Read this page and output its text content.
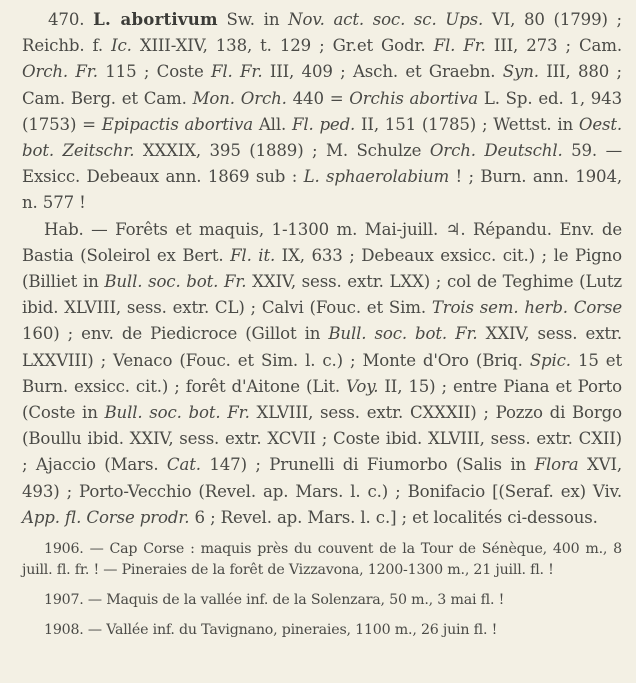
470. L. abortivum Sw. in Nov. act. soc. sc. Ups. VI, 80 (1799) ; Reichb. f. Ic. XIII-XIV, 138, t. 129 ; Gr.et Godr. Fl. Fr. III, 273 ; Cam. Orch. Fr. 115 ; Coste Fl. Fr. III, 409 ; Asch. et Graebn. Syn. III, 880 ; Cam. Berg. et Cam. Mon. Orch. 440 = Orchis abortiva L. Sp. ed. 1, 943 (1753) = Epipactis abortiva All. Fl. ped. II, 151 (1785) ; Wettst. in Oest. bot. Zeitschr. XXXIX, 395 (1889) ; M. Schulze Orch. Deutschl. 59. — Exsicc. Debeaux ann. 1869 sub : L. sphaerolabium ! ; Burn. ann. 1904, n. 577 !

Hab. — Forêts et maquis, 1-1300 m. Mai-juill. ♃. Répandu. Env. de Bastia (Soleirol ex Bert. Fl. it. IX, 633 ; Debeaux exsicc. cit.) ; le Pigno (Billiet in Bull. soc. bot. Fr. XXIV, sess. extr. LXX) ; col de Teghime (Lutz ibid. XLVIII, sess. extr. CL) ; Calvi (Fouc. et Sim. Trois sem. herb. Corse 160) ; env. de Piedicroce (Gillot in Bull. soc. bot. Fr. XXIV, sess. extr. LXXVIII) ; Venaco (Fouc. et Sim. l. c.) ; Monte d'Oro (Briq. Spic. 15 et Burn. exsicc. cit.) ; forêt d'Aitone (Lit. Voy. II, 15) ; entre Piana et Porto (Coste in Bull. soc. bot. Fr. XLVIII, sess. extr. CXXXII) ; Pozzo di Borgo (Boullu ibid. XXIV, sess. extr. XCVII ; Coste ibid. XLVIII, sess. extr. CXII) ; Ajaccio (Mars. Cat. 147) ; Prunelli di Fiumorbo (Salis in Flora XVI, 493) ; Porto-Vecchio (Revel. ap. Mars. l. c.) ; Bonifacio [(Seraf. ex) Viv. App. fl. Corse prodr. 6 ; Revel. ap. Mars. l. c.] ; et localités ci-dessous.

1906. — Cap Corse : maquis près du couvent de la Tour de Sénèque, 400 m., 8 juill. fl. fr. ! — Pineraies de la forêt de Vizzavona, 1200-1300 m., 21 juill. fl. !

1907. — Maquis de la vallée inf. de la Solenzara, 50 m., 3 mai fl. !

1908. — Vallée inf. du Tavignano, pineraies, 1100 m., 26 juin fl. !
